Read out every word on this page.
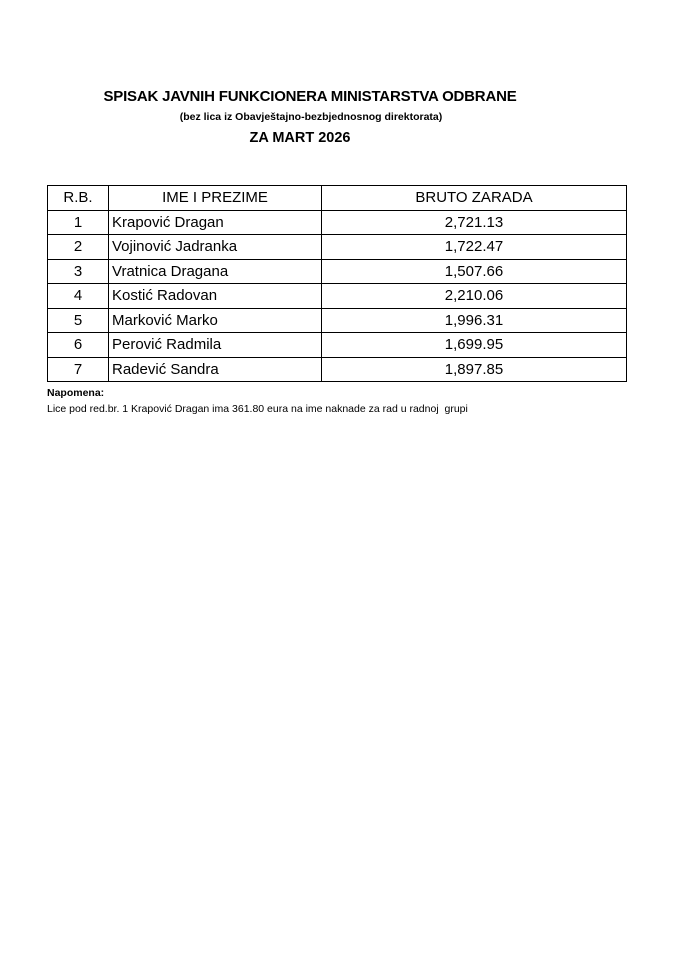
SPISAK JAVNIH FUNKCIONERA MINISTARSTVA ODBRANE
(bez lica iz Obavještajno-bezbjednosnog direktorata)
ZA MART 2026
R.B.	IME I PREZIME	BRUTO ZARADA
1	Krapović Dragan	2,721.13
2	Vojinović Jadranka	1,722.47
3	Vratnica Dragana	1,507.66
4	Kostić Radovan	2,210.06
5	Marković Marko	1,996.31
6	Perović Radmila	1,699.95
7	Radević Sandra	1,897.85
Napomena:
Lice pod red.br. 1 Krapović Dragan ima 361.80 eura na ime naknade za rad u radnoj  grupi
